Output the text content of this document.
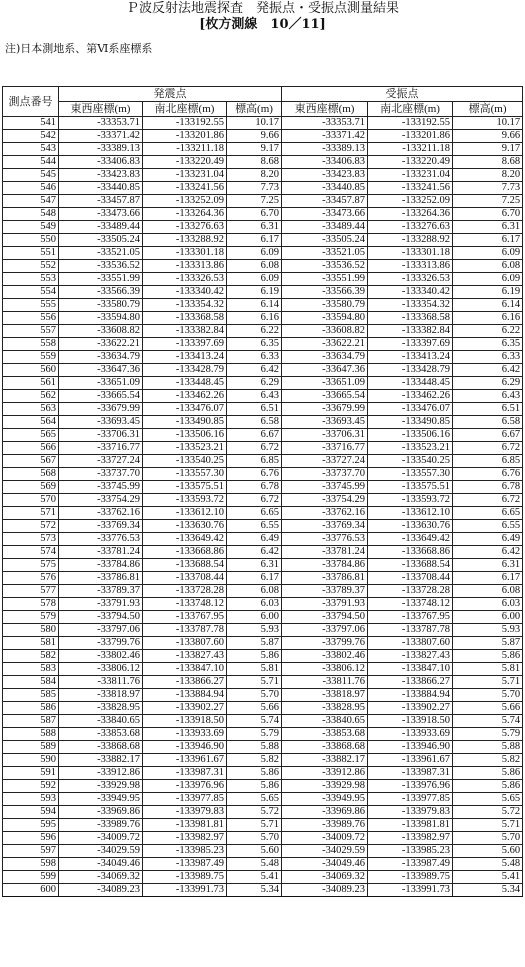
Ｐ波反射法地震探査　発振点・受振点測量結果
[枚方測線　10／11]
注)日本測地系、第Ⅵ系座標系
測点番号	発震点			受振点		
	東西座標(m)	南北座標(m)	標高(m)	東西座標(m)	南北座標(m)	標高(m)
541	-33353.71	-133192.55	10.17	-33353.71	-133192.55	10.17
542	-33371.42	-133201.86	9.66	-33371.42	-133201.86	9.66
543	-33389.13	-133211.18	9.17	-33389.13	-133211.18	9.17
544	-33406.83	-133220.49	8.68	-33406.83	-133220.49	8.68
545	-33423.83	-133231.04	8.20	-33423.83	-133231.04	8.20
546	-33440.85	-133241.56	7.73	-33440.85	-133241.56	7.73
547	-33457.87	-133252.09	7.25	-33457.87	-133252.09	7.25
548	-33473.66	-133264.36	6.70	-33473.66	-133264.36	6.70
549	-33489.44	-133276.63	6.31	-33489.44	-133276.63	6.31
550	-33505.24	-133288.92	6.17	-33505.24	-133288.92	6.17
551	-33521.05	-133301.18	6.09	-33521.05	-133301.18	6.09
552	-33536.52	-133313.86	6.08	-33536.52	-133313.86	6.08
553	-33551.99	-133326.53	6.09	-33551.99	-133326.53	6.09
554	-33566.39	-133340.42	6.19	-33566.39	-133340.42	6.19
555	-33580.79	-133354.32	6.14	-33580.79	-133354.32	6.14
556	-33594.80	-133368.58	6.16	-33594.80	-133368.58	6.16
557	-33608.82	-133382.84	6.22	-33608.82	-133382.84	6.22
558	-33622.21	-133397.69	6.35	-33622.21	-133397.69	6.35
559	-33634.79	-133413.24	6.33	-33634.79	-133413.24	6.33
560	-33647.36	-133428.79	6.42	-33647.36	-133428.79	6.42
561	-33651.09	-133448.45	6.29	-33651.09	-133448.45	6.29
562	-33665.54	-133462.26	6.43	-33665.54	-133462.26	6.43
563	-33679.99	-133476.07	6.51	-33679.99	-133476.07	6.51
564	-33693.45	-133490.85	6.58	-33693.45	-133490.85	6.58
565	-33706.31	-133506.16	6.67	-33706.31	-133506.16	6.67
566	-33716.77	-133523.21	6.72	-33716.77	-133523.21	6.72
567	-33727.24	-133540.25	6.85	-33727.24	-133540.25	6.85
568	-33737.70	-133557.30	6.76	-33737.70	-133557.30	6.76
569	-33745.99	-133575.51	6.78	-33745.99	-133575.51	6.78
570	-33754.29	-133593.72	6.72	-33754.29	-133593.72	6.72
571	-33762.16	-133612.10	6.65	-33762.16	-133612.10	6.65
572	-33769.34	-133630.76	6.55	-33769.34	-133630.76	6.55
573	-33776.53	-133649.42	6.49	-33776.53	-133649.42	6.49
574	-33781.24	-133668.86	6.42	-33781.24	-133668.86	6.42
575	-33784.86	-133688.54	6.31	-33784.86	-133688.54	6.31
576	-33786.81	-133708.44	6.17	-33786.81	-133708.44	6.17
577	-33789.37	-133728.28	6.08	-33789.37	-133728.28	6.08
578	-33791.93	-133748.12	6.03	-33791.93	-133748.12	6.03
579	-33794.50	-133767.95	6.00	-33794.50	-133767.95	6.00
580	-33797.06	-133787.78	5.93	-33797.06	-133787.78	5.93
581	-33799.76	-133807.60	5.87	-33799.76	-133807.60	5.87
582	-33802.46	-133827.43	5.86	-33802.46	-133827.43	5.86
583	-33806.12	-133847.10	5.81	-33806.12	-133847.10	5.81
584	-33811.76	-133866.27	5.71	-33811.76	-133866.27	5.71
585	-33818.97	-133884.94	5.70	-33818.97	-133884.94	5.70
586	-33828.95	-133902.27	5.66	-33828.95	-133902.27	5.66
587	-33840.65	-133918.50	5.74	-33840.65	-133918.50	5.74
588	-33853.68	-133933.69	5.79	-33853.68	-133933.69	5.79
589	-33868.68	-133946.90	5.88	-33868.68	-133946.90	5.88
590	-33882.17	-133961.67	5.82	-33882.17	-133961.67	5.82
591	-33912.86	-133987.31	5.86	-33912.86	-133987.31	5.86
592	-33929.98	-133976.96	5.86	-33929.98	-133976.96	5.86
593	-33949.95	-133977.85	5.65	-33949.95	-133977.85	5.65
594	-33969.86	-133979.83	5.72	-33969.86	-133979.83	5.72
595	-33989.76	-133981.81	5.71	-33989.76	-133981.81	5.71
596	-34009.72	-133982.97	5.70	-34009.72	-133982.97	5.70
597	-34029.59	-133985.23	5.60	-34029.59	-133985.23	5.60
598	-34049.46	-133987.49	5.48	-34049.46	-133987.49	5.48
599	-34069.32	-133989.75	5.41	-34069.32	-133989.75	5.41
600	-34089.23	-133991.73	5.34	-34089.23	-133991.73	5.34
